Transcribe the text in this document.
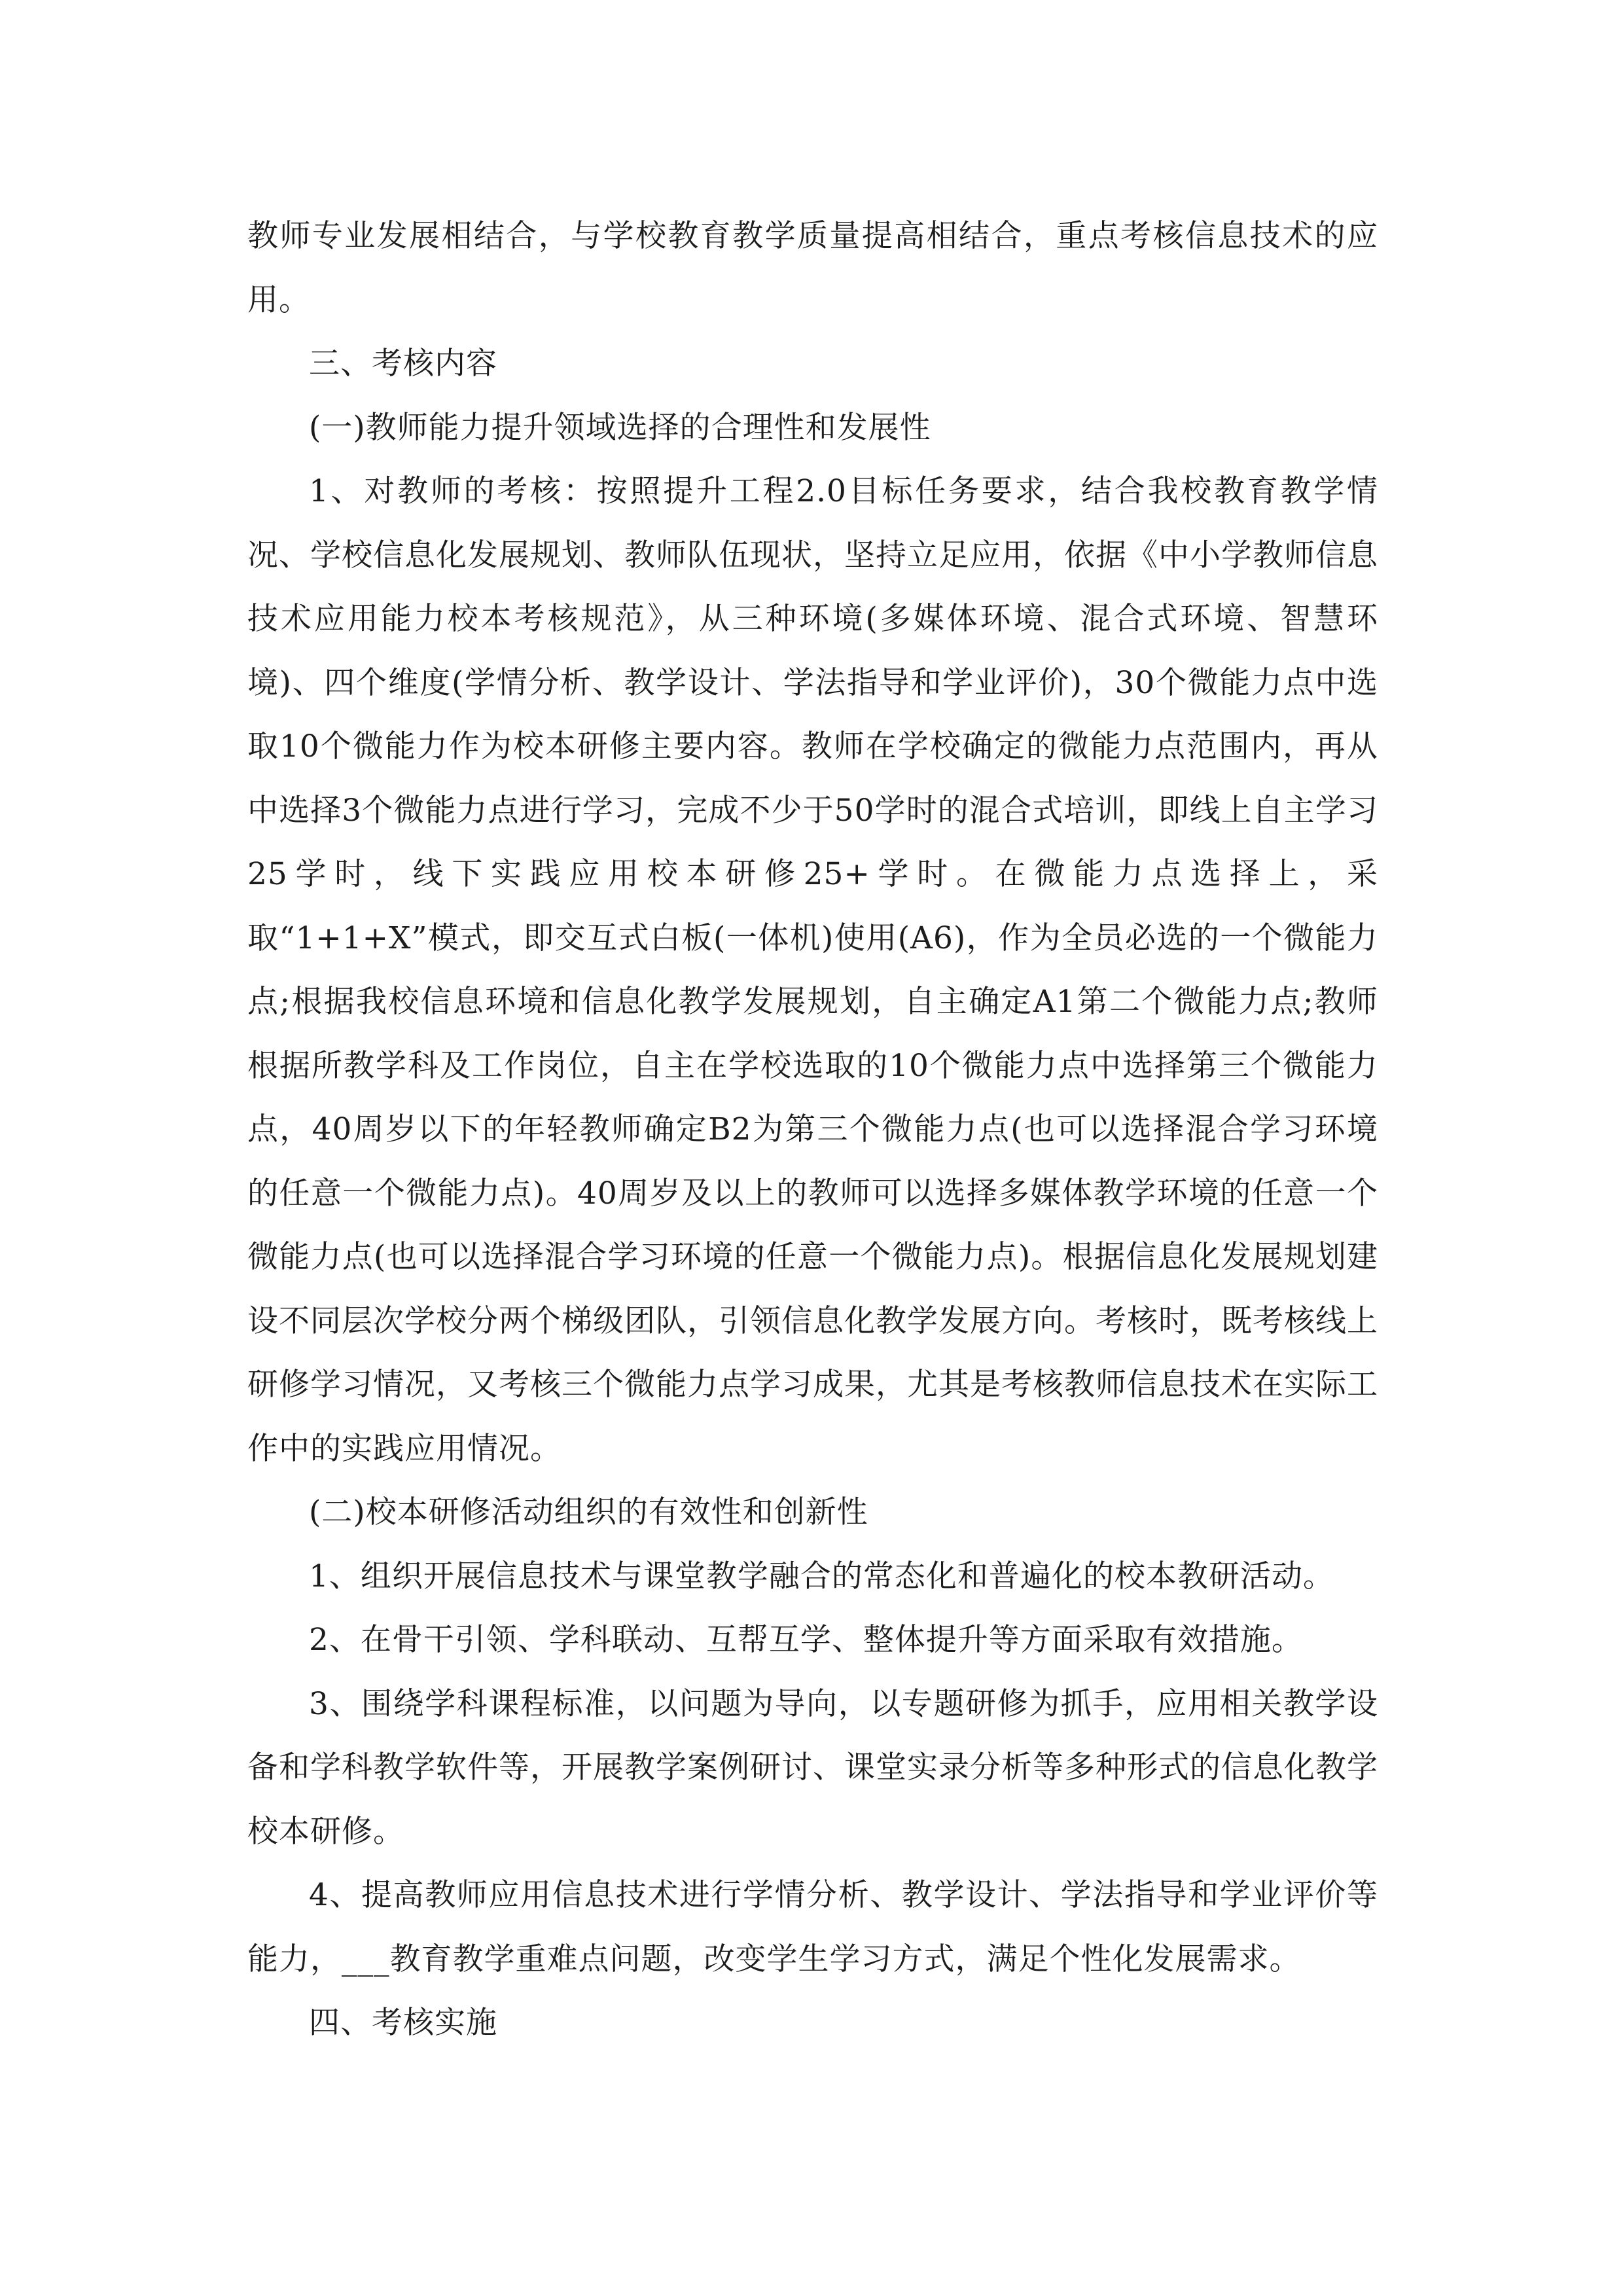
教师专业发展相结合，与学校教育教学质量提高相结合，重点考核信息技术的应用。

三、考核内容

(一)教师能力提升领域选择的合理性和发展性

1、对教师的考核：按照提升工程2.0目标任务要求，结合我校教育教学情况、学校信息化发展规划、教师队伍现状，坚持立足应用，依据《中小学教师信息技术应用能力校本考核规范》，从三种环境(多媒体环境、混合式环境、智慧环境)、四个维度(学情分析、教学设计、学法指导和学业评价)，30个微能力点中选取10个微能力作为校本研修主要内容。教师在学校确定的微能力点范围内，再从中选择3个微能力点进行学习，完成不少于50学时的混合式培训，即线上自主学习25学时，线下实践应用校本研修25+学时。在微能力点选择上，采取“1+1+X”模式，即交互式白板(一体机)使用(A6)，作为全员必选的一个微能力点;根据我校信息环境和信息化教学发展规划，自主确定A1第二个微能力点;教师根据所教学科及工作岗位，自主在学校选取的10个微能力点中选择第三个微能力点，40周岁以下的年轻教师确定B2为第三个微能力点(也可以选择混合学习环境的任意一个微能力点)。40周岁及以上的教师可以选择多媒体教学环境的任意一个微能力点(也可以选择混合学习环境的任意一个微能力点)。根据信息化发展规划建设不同层次学校分两个梯级团队，引领信息化教学发展方向。考核时，既考核线上研修学习情况，又考核三个微能力点学习成果，尤其是考核教师信息技术在实际工作中的实践应用情况。

(二)校本研修活动组织的有效性和创新性

1、组织开展信息技术与课堂教学融合的常态化和普遍化的校本教研活动。

2、在骨干引领、学科联动、互帮互学、整体提升等方面采取有效措施。

3、围绕学科课程标准，以问题为导向，以专题研修为抓手，应用相关教学设备和学科教学软件等，开展教学案例研讨、课堂实录分析等多种形式的信息化教学校本研修。

4、提高教师应用信息技术进行学情分析、教学设计、学法指导和学业评价等能力，___教育教学重难点问题，改变学生学习方式，满足个性化发展需求。

四、考核实施
